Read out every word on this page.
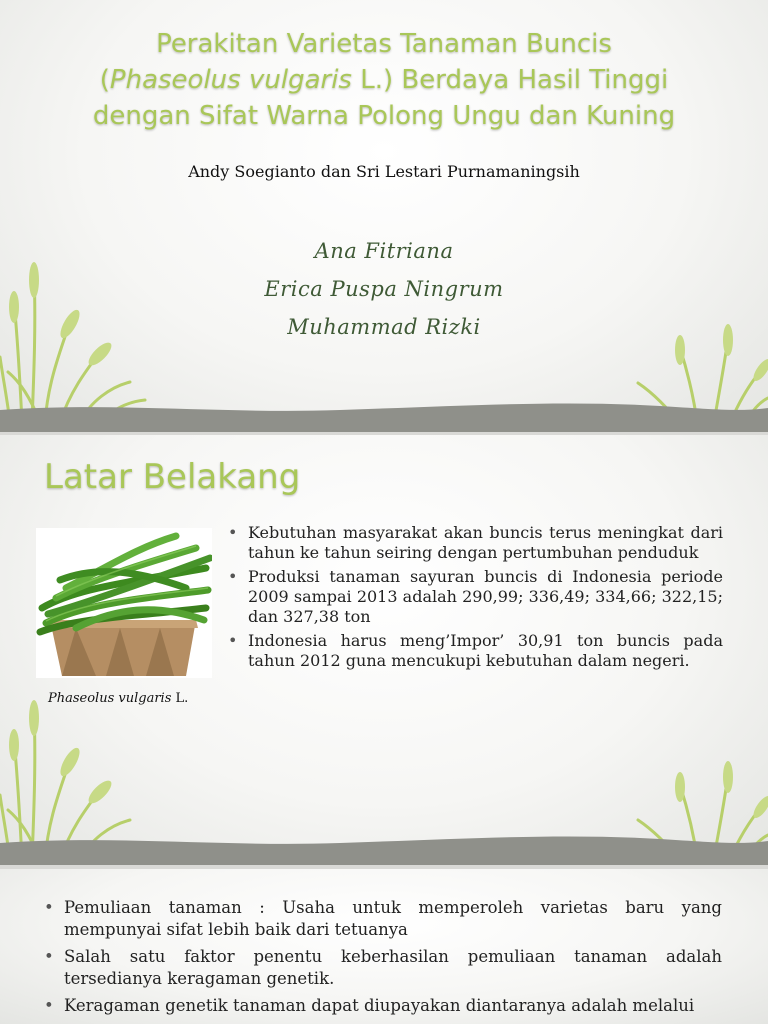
Perakitan Varietas Tanaman Buncis
(Phaseolus vulgaris L.) Berdaya Hasil Tinggi
dengan Sifat Warna Polong Ungu dan Kuning
Andy Soegianto dan Sri Lestari Purnamaningsih
Ana Fitriana
Erica Puspa Ningrum
Muhammad Rizki
Latar Belakang
Phaseolus vulgaris L.
• Kebutuhan masyarakat akan buncis terus meningkat dari tahun ke tahun seiring dengan pertumbuhan penduduk
• Produksi tanaman sayuran buncis di Indonesia periode 2009 sampai 2013 adalah 290,99; 336,49; 334,66; 322,15; dan 327,38 ton
• Indonesia harus meng’Impor’ 30,91 ton buncis pada tahun 2012 guna mencukupi kebutuhan dalam negeri.
• Pemuliaan tanaman : Usaha untuk memperoleh varietas baru yang mempunyai sifat lebih baik dari tetuanya
• Salah satu faktor penentu keberhasilan pemuliaan tanaman adalah tersedianya keragaman genetik.
• Keragaman genetik tanaman dapat diupayakan diantaranya adalah melalui
